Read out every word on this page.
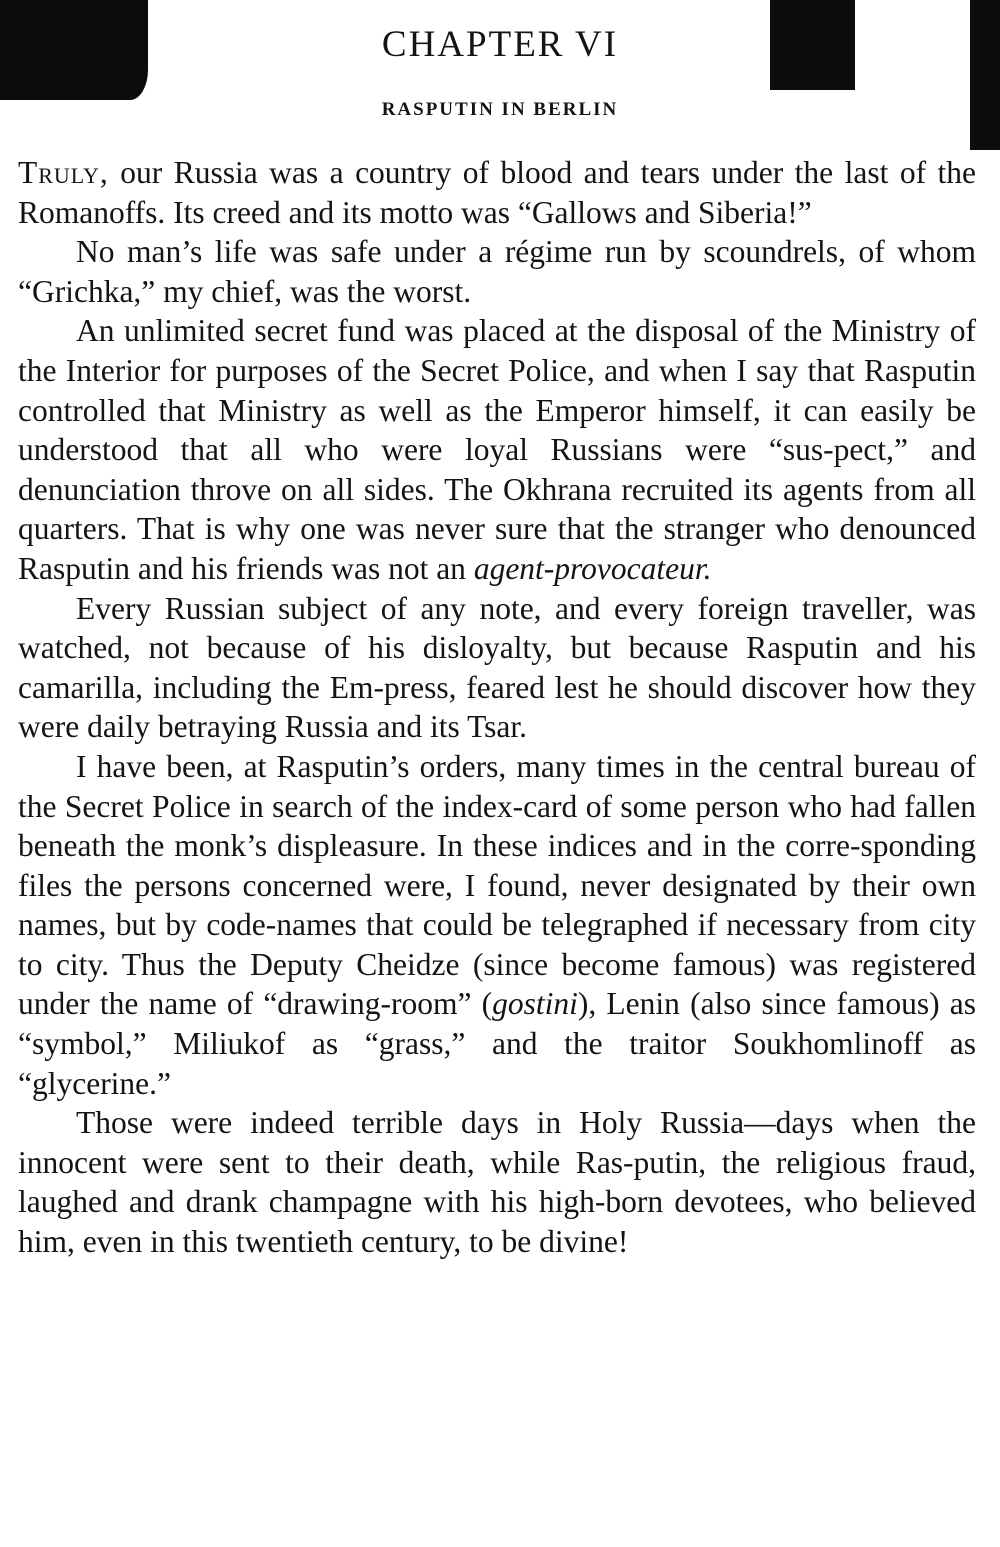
CHAPTER VI
RASPUTIN IN BERLIN

Truly, our Russia was a country of blood and tears under the last of the Romanoffs. Its creed and its motto was “Gallows and Siberia!”

No man’s life was safe under a régime run by scoundrels, of whom “Grichka,” my chief, was the worst.

An unlimited secret fund was placed at the disposal of the Ministry of the Interior for purposes of the Secret Police, and when I say that Rasputin controlled that Ministry as well as the Emperor himself, it can easily be understood that all who were loyal Russians were “sus-pect,” and denunciation throve on all sides. The Okhrana recruited its agents from all quarters. That is why one was never sure that the stranger who denounced Rasputin and his friends was not an agent-provocateur.

Every Russian subject of any note, and every foreign traveller, was watched, not because of his disloyalty, but because Rasputin and his camarilla, including the Em-press, feared lest he should discover how they were daily betraying Russia and its Tsar.

I have been, at Rasputin’s orders, many times in the central bureau of the Secret Police in search of the index-card of some person who had fallen beneath the monk’s displeasure. In these indices and in the corre-sponding files the persons concerned were, I found, never designated by their own names, but by code-names that could be telegraphed if necessary from city to city. Thus the Deputy Cheidze (since become famous) was registered under the name of “drawing-room” (gostini), Lenin (also since famous) as “symbol,” Miliukof as “grass,” and the traitor Soukhomlinoff as “glycerine.”

Those were indeed terrible days in Holy Russia—days when the innocent were sent to their death, while Ras-putin, the religious fraud, laughed and drank champagne with his high-born devotees, who believed him, even in this twentieth century, to be divine!
